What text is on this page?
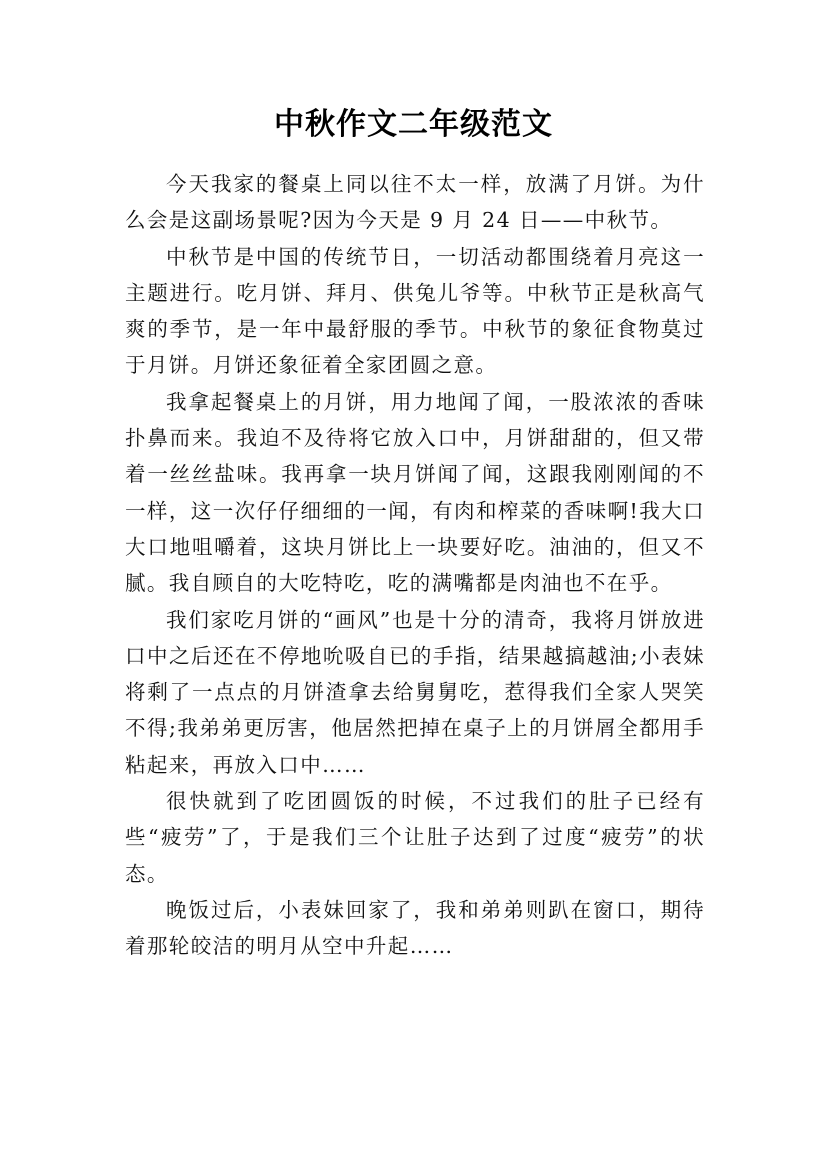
中秋作文二年级范文

今天我家的餐桌上同以往不太一样，放满了月饼。为什么会是这副场景呢?因为今天是 9 月 24 日——中秋节。

中秋节是中国的传统节日，一切活动都围绕着月亮这一主题进行。吃月饼、拜月、供兔儿爷等。中秋节正是秋高气爽的季节，是一年中最舒服的季节。中秋节的象征食物莫过于月饼。月饼还象征着全家团圆之意。

我拿起餐桌上的月饼，用力地闻了闻，一股浓浓的香味扑鼻而来。我迫不及待将它放入口中，月饼甜甜的，但又带着一丝丝盐味。我再拿一块月饼闻了闻，这跟我刚刚闻的不一样，这一次仔仔细细的一闻，有肉和榨菜的香味啊!我大口大口地咀嚼着，这块月饼比上一块要好吃。油油的，但又不腻。我自顾自的大吃特吃，吃的满嘴都是肉油也不在乎。

我们家吃月饼的“画风”也是十分的清奇，我将月饼放进口中之后还在不停地吮吸自已的手指，结果越搞越油;小表妹将剩了一点点的月饼渣拿去给舅舅吃，惹得我们全家人哭笑不得;我弟弟更厉害，他居然把掉在桌子上的月饼屑全都用手粘起来，再放入口中……

很快就到了吃团圆饭的时候，不过我们的肚子已经有些“疲劳”了，于是我们三个让肚子达到了过度“疲劳”的状态。

晚饭过后，小表妹回家了，我和弟弟则趴在窗口，期待着那轮皎洁的明月从空中升起……
